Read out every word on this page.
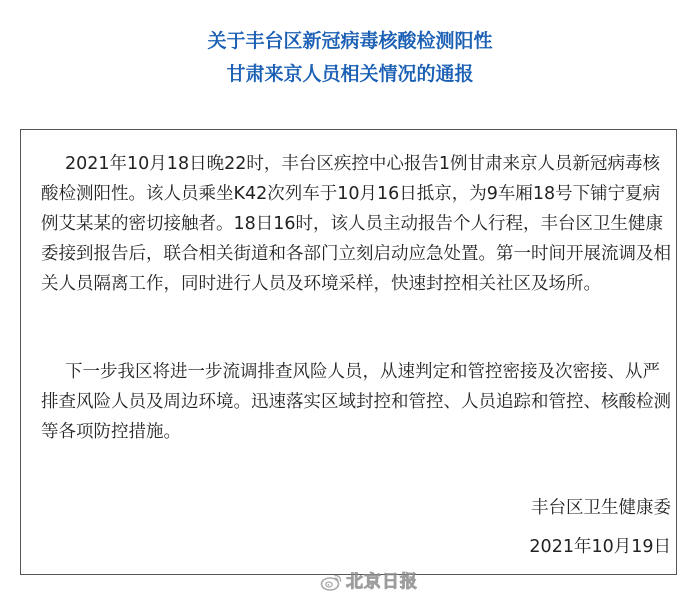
关于丰台区新冠病毒核酸检测阳性
甘肃来京人员相关情况的通报

2021年10月18日晚22时，丰台区疾控中心报告1例甘肃来京人员新冠病毒核酸检测阳性。该人员乘坐K42次列车于10月16日抵京，为9车厢18号下铺宁夏病例艾某某的密切接触者。18日16时，该人员主动报告个人行程，丰台区卫生健康委接到报告后，联合相关街道和各部门立刻启动应急处置。第一时间开展流调及相关人员隔离工作，同时进行人员及环境采样，快速封控相关社区及场所。

下一步我区将进一步流调排查风险人员，从速判定和管控密接及次密接、从严排查风险人员及周边环境。迅速落实区域封控和管控、人员追踪和管控、核酸检测等各项防控措施。

丰台区卫生健康委
2021年10月19日
北京日报
